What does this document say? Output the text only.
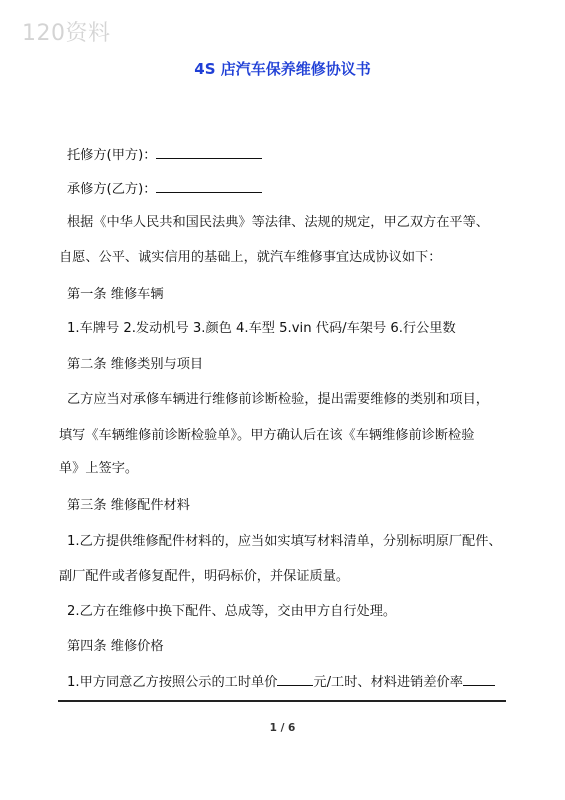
120资料
4S 店汽车保养维修协议书
托修方(甲方)：
承修方(乙方)：
根据《中华人民共和国民法典》等法律、法规的规定，甲乙双方在平等、
自愿、公平、诚实信用的基础上，就汽车维修事宜达成协议如下：
第一条 维修车辆
1.车牌号 2.发动机号 3.颜色 4.车型 5.vin 代码/车架号 6.行公里数
第二条 维修类别与项目
乙方应当对承修车辆进行维修前诊断检验，提出需要维修的类别和项目，
填写《车辆维修前诊断检验单》。甲方确认后在该《车辆维修前诊断检验
单》上签字。
第三条 维修配件材料
1.乙方提供维修配件材料的，应当如实填写材料清单，分别标明原厂配件、
副厂配件或者修复配件，明码标价，并保证质量。
2.乙方在维修中换下配件、总成等，交由甲方自行处理。
第四条 维修价格
1.甲方同意乙方按照公示的工时单价	元/工时、材料进销差价率
1 / 6
